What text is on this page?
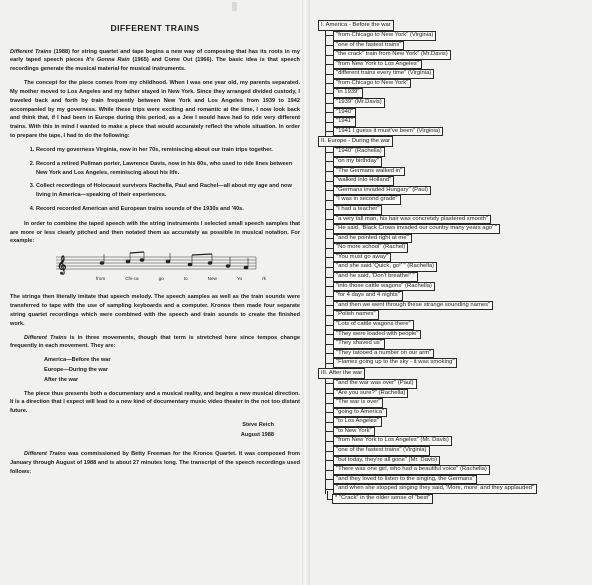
DIFFERENT TRAINS

Different Trains (1988) for string quartet and tape begins a new way of composing that has its roots in my early taped speech pieces It's Gonna Rain (1965) and Come Out (1966). The basic idea is that speech recordings generate the musical material for musical instruments.

The concept for the piece comes from my childhood. When I was one year old, my parents separated. My mother moved to Los Angeles and my father stayed in New York. Since they arranged divided custody, I traveled back and forth by train frequently between New York and Los Angeles from 1939 to 1942 accompanied by my governess. While these trips were exciting and romantic at the time, I now look back and think that, if I had been in Europe during this period, as a Jew I would have had to ride very different trains. With this in mind I wanted to make a piece that would accurately reflect the whole situation. In order to prepare the tape, I had to do the following:

1. Record my governess Virginia, now in her 70s, reminiscing about our train trips together.
2. Record a retired Pullman porter, Lawrence Davis, now in his 80s, who used to ride lines between New York and Los Angeles, reminiscing about his life.
3. Collect recordings of Holocaust survivors Rachella, Paul and Rachel—all about my age and now living in America—speaking of their experiences.
4. Record recorded American and European trains sounds of the 1930s and '40s.

In order to combine the taped speech with the string instruments I selected small speech samples that are more or less clearly pitched and then notated them as accurately as possible in musical notation. For example:

𝄞
from	Chi-ca	go	to	New	Yo	rk

The strings then literally imitate that speech melody. The speech samples as well as the train sounds were transferred to tape with the use of sampling keyboards and a computer. Kronos then made four separate string quartet recordings which were combined with the speech and train sounds to create the finished work.

Different Trains is in three movements, though that term is stretched here since tempos change frequently in each movement. They are:

America—Before the war
Europe—During the war
After the war

The piece thus presents both a documentary and a musical reality, and begins a new musical direction. It is a direction that I expect will lead to a new kind of documentary music video theater in the not too distant future.

Steve Reich
August 1988

Different Trains was commissioned by Betty Freeman for the Kronos Quartet. It was composed from January through August of 1988 and is about 27 minutes long. The transcript of the speech recordings used follows:

I. America - Before the war
"from Chicago to New York" (Virginia)
"one of the fastest trains"
"the crack" train from New York" (Mr.Davis)
"from New York to Los Angeles"
"different trains every time" (Virginia)
"from Chicago to New York"
"in 1939"
"1939" (Mr.Davis)
"1940"
"1941"
"1941 I guess it must've been" (Virginia)
II. Europe - During the war
"1940" (Rachella)
"on my birthday"
"The Germans walked in"
"walked into Holland"
"Germans invaded Hungary" (Paul)
"I was in second grade"
"I had a teacher"
"a very tall man, his hair was concretely plastered smooth"
"He said, 'Black Crows invaded our country many years ago' "
"and he pointed right at me"
"No more school" (Rachel)
"You must go away"
"and she said 'Quick, go!' " (Rachella)
"and he said, 'Don't breathe!' "
"into those cattle wagons" (Rachella)
"for 4 days and 4 nights"
"and then we went through these strange sounding names"
"Polish names"
"Lots of cattle wagons there"
"They were loaded with people"
"They shaved us"
"They tatooed a number on our arm"
"Flames going up to the sky - it was smoking"
III. After the war
"and the war was over" (Paul)
"Are you sure?" (Rachella)
"The war is over"
"going to America"
"to Los Angeles"
"to New York"
"from New York to Los Angeles" (Mr. Davis)
"one of the fastest trains" (Virginia)
"but today, they're all gone" (Mr. Davis)
"There was one girl, who had a beautiful voice" (Rachella)
"and they loved to listen to the singing, the Germans"
"and when she stopped singing they said, 'More, more' and they applauded"
* "Crack" in the older sense of "best"
